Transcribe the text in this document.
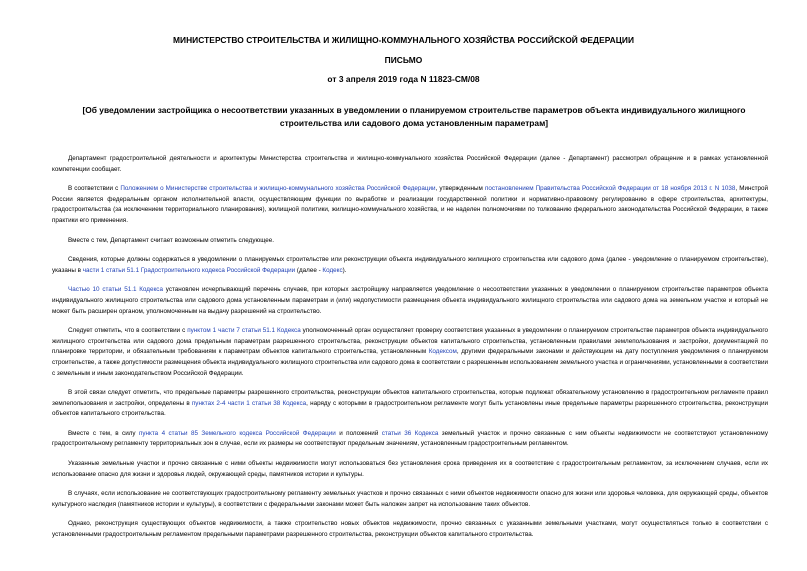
МИНИСТЕРСТВО СТРОИТЕЛЬСТВА И ЖИЛИЩНО-КОММУНАЛЬНОГО ХОЗЯЙСТВА РОССИЙСКОЙ ФЕДЕРАЦИИ
ПИСЬМО
от 3 апреля 2019 года N 11823-СМ/08
[Об уведомлении застройщика о несоответствии указанных в уведомлении о планируемом строительстве параметров объекта индивидуального жилищного строительства или садового дома установленным параметрам]

Департамент градостроительной деятельности и архитектуры Министерства строительства и жилищно-коммунального хозяйства Российской Федерации (далее - Департамент) рассмотрел обращение и в рамках установленной компетенции сообщает.

В соответствии с Положением о Министерстве строительства и жилищно-коммунального хозяйства Российской Федерации, утвержденным постановлением Правительства Российской Федерации от 18 ноября 2013 г. N 1038, Минстрой России является федеральным органом исполнительной власти, осуществляющим функции по выработке и реализации государственной политики и нормативно-правовому регулированию в сфере строительства, архитектуры, градостроительства (за исключением территориального планирования), жилищной политики, жилищно-коммунального хозяйства, и не наделен полномочиями по толкованию федерального законодательства Российской Федерации, в также практики его применения.

Вместе с тем, Департамент считает возможным отметить следующее.

Сведения, которые должны содержаться в уведомлении о планируемых строительстве или реконструкции объекта индивидуального жилищного строительства или садового дома (далее - уведомление о планируемом строительстве), указаны в части 1 статьи 51.1 Градостроительного кодекса Российской Федерации (далее - Кодекс).

Частью 10 статьи 51.1 Кодекса установлен исчерпывающий перечень случаев, при которых застройщику направляется уведомление о несоответствии указанных в уведомлении о планируемом строительстве параметров объекта индивидуального жилищного строительства или садового дома установленным параметрам и (или) недопустимости размещения объекта индивидуального жилищного строительства или садового дома на земельном участке и который не может быть расширен органом, уполномоченным на выдачу разрешений на строительство.

Следует отметить, что в соответствии с пунктом 1 части 7 статьи 51.1 Кодекса уполномоченный орган осуществляет проверку соответствия указанных в уведомлении о планируемом строительстве параметров объекта индивидуального жилищного строительства или садового дома предельным параметрам разрешенного строительства, реконструкции объектов капитального строительства, установленным правилами землепользования и застройки, документацией по планировке территории, и обязательным требованиям к параметрам объектов капитального строительства, установленным Кодексом, другими федеральными законами и действующим на дату поступления уведомления о планируемом строительстве, а также допустимости размещения объекта индивидуального жилищного строительства или садового дома в соответствии с разрешенным использованием земельного участка и ограничениями, установленными в соответствии с земельным и иным законодательством Российской Федерации.

В этой связи следует отметить, что предельные параметры разрешенного строительства, реконструкции объектов капитального строительства, которые подлежат обязательному установлению в градостроительном регламенте правил землепользования и застройки, определены в пунктах 2-4 части 1 статьи 38 Кодекса, наряду с которыми в градостроительном регламенте могут быть установлены иные предельные параметры разрешенного строительства, реконструкции объектов капитального строительства.

Вместе с тем, в силу пункта 4 статьи 85 Земельного кодекса Российской Федерации и положений статьи 36 Кодекса земельный участок и прочно связанные с ним объекты недвижимости не соответствуют установленному градостроительному регламенту территориальных зон в случае, если их размеры не соответствуют предельным значениям, установленным градостроительным регламентом.

Указанные земельные участки и прочно связанные с ними объекты недвижимости могут использоваться без установления срока приведения их в соответствие с градостроительным регламентом, за исключением случаев, если их использование опасно для жизни и здоровья людей, окружающей среды, памятников истории и культуры.

В случаях, если использование не соответствующих градостроительному регламенту земельных участков и прочно связанных с ними объектов недвижимости опасно для жизни или здоровья человека, для окружающей среды, объектов культурного наследия (памятников истории и культуры), в соответствии с федеральными законами может быть наложен запрет на использование таких объектов.

Однако, реконструкция существующих объектов недвижимости, а также строительство новых объектов недвижимости, прочно связанных с указанными земельными участками, могут осуществляться только в соответствии с установленными градостроительным регламентом предельными параметрами разрешенного строительства, реконструкции объектов капитального строительства.
